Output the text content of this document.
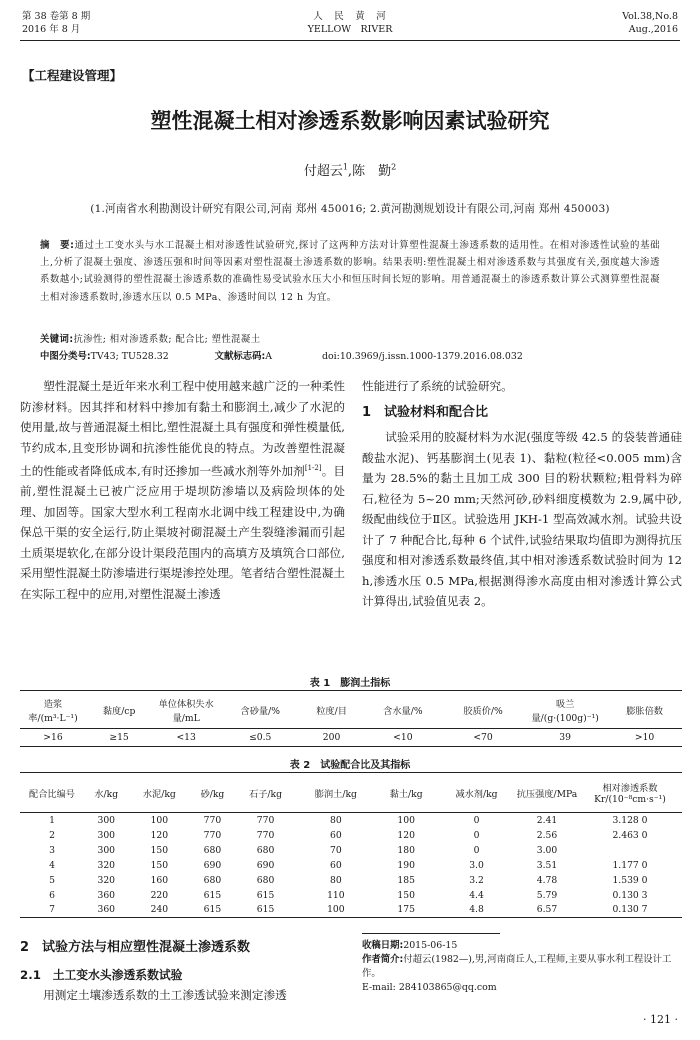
第 38 卷第 8 期
2016 年 8 月
人　民　黄　河
YELLOW　RIVER
Vol.38,No.8
Aug.,2016
【工程建设管理】
塑性混凝土相对渗透系数影响因素试验研究
付超云$^1$,陈　勤$^2$
(1.河南省水利勘测设计研究有限公司,河南 郑州 450016; 2.黄河勘测规划设计有限公司,河南 郑州 450003)
摘　要:通过土工变水头与水工混凝土相对渗透性试验研究,探讨了这两种方法对计算塑性混凝土渗透系数的适用性。在相对渗透性试验的基础上,分析了混凝土强度、渗透压强和时间等因素对塑性混凝土渗透系数的影响。结果表明:塑性混凝土相对渗透系数与其强度有关,强度越大渗透系数越小;试验测得的塑性混凝土渗透系数的准确性易受试验水压大小和恒压时间长短的影响。用普通混凝土的渗透系数计算公式测算塑性混凝土相对渗透系数时,渗透水压以 0.5 MPa、渗透时间以 12 h 为宜。
关键词:抗渗性; 相对渗透系数; 配合比; 塑性混凝土
中图分类号:TV43; TU528.32	文献标志码:A	doi:10.3969/j.issn.1000-1379.2016.08.032

塑性混凝土是近年来水利工程中使用越来越广泛的一种柔性防渗材料。因其拌和材料中掺加有黏土和膨润土,减少了水泥的使用量,故与普通混凝土相比,塑性混凝土具有强度和弹性模量低,节约成本,且变形协调和抗渗性能优良的特点。为改善塑性混凝土的性能或者降低成本,有时还掺加一些减水剂等外加剂[1-2]。目前,塑性混凝土已被广泛应用于堤坝防渗墙以及病险坝体的处理、加固等。国家大型水利工程南水北调中线工程建设中,为确保总干渠的安全运行,防止渠坡衬砌混凝土产生裂缝渗漏而引起土质渠堤软化,在部分设计渠段范围内的高填方及填筑合口部位,采用塑性混凝土防渗墙进行渠堤渗控处理。笔者结合塑性混凝土在实际工程中的应用,对塑性混凝土渗透

性能进行了系统的试验研究。

1　试验材料和配合比

试验采用的胶凝材料为水泥(强度等级 42.5 的袋装普通硅酸盐水泥)、钙基膨润土(见表 1)、黏粒(粒径<0.005 mm)含量为 28.5%的黏土且加工成 300 目的粉状颗粒;粗骨料为碎石,粒径为 5~20 mm;天然河砂,砂料细度模数为 2.9,属中砂,级配曲线位于Ⅱ区。试验选用 JKH-1 型高效减水剂。试验共设计了 7 种配合比,每种 6 个试件,试验结果取均值即为测得抗压强度和相对渗透系数最终值,其中相对渗透系数试验时间为 12 h,渗透水压 0.5 MPa,根据测得渗水高度由相对渗透计算公式计算得出,试验值见表 2。

表 1　膨润土指标
造浆率/(m³·L⁻¹)	黏度/cp	单位体积失水量/mL	含砂量/%	粒度/目	含水量/%	胶质价/%	吸兰量/(g·(100g)⁻¹)	膨胀倍数
>16	≥15	<13	≤0.5	200	<10	<70	39	>10
表 2　试验配合比及其指标
配合比编号	水/kg	水泥/kg	砂/kg	石子/kg	膨润土/kg	黏土/kg	减水剂/kg	抗压强度/MPa	相对渗透系数 Kr/(10⁻⁸cm·s⁻¹)
1	300	100	770	770	80	100	0	2.41	3.128 0
2	300	120	770	770	60	120	0	2.56	2.463 0
3	300	150	680	680	70	180	0	3.00	
4	320	150	690	690	60	190	3.0	3.51	1.177 0
5	320	160	680	680	80	185	3.2	4.78	1.539 0
6	360	220	615	615	110	150	4.4	5.79	0.130 3
7	360	240	615	615	100	175	4.8	6.57	0.130 7
2　试验方法与相应塑性混凝土渗透系数
2.1　土工变水头渗透系数试验
用测定土壤渗透系数的土工渗透试验来测定渗透
收稿日期:2015-06-15
作者简介:付超云(1982—),男,河南商丘人,工程师,主要从事水利工程设计工作。
E-mail: 284103865@qq.com
· 121 ·
